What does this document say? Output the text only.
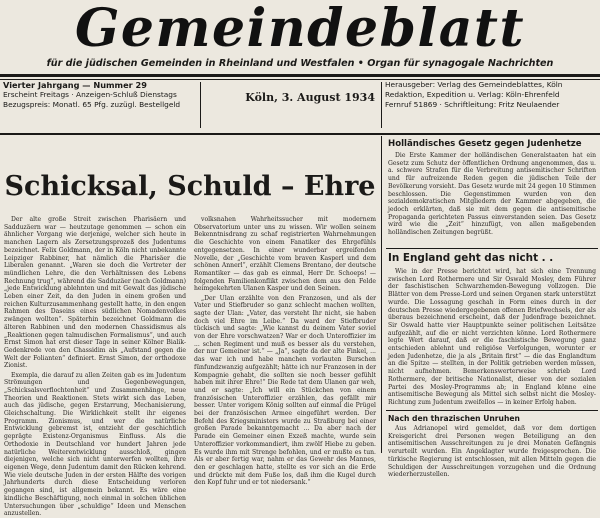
Gemeindeblatt
für die jüdischen Gemeinden in Rheinland und Westfalen • Organ für synagogale Nachrichten
Vierter Jahrgang — Nummer 29
Erscheint Freitags · Anzeigen-Schluß Dienstags
Bezugspreis: Monatl. 65 Pfg. zuzügl. Bestellgeld
Köln, 3. August 1934
Herausgeber: Verlag des Gemeindeblattes, Köln
Redaktion, Expedition u. Verlag: Köln-Ehrenfeld
Fernruf 51869 · Schriftleitung: Fritz Neulaender
Schicksal, Schuld – Ehre

Der alte große Streit zwischen Pharisäern und Sadduzäern war — heutzutage genommen — schon ein ähnlicher Vorgang wie derjenige, welcher sich heute in manchen Lagern als Zersetzungsprozeß des Judentums bezeichnet. Felix Goldmann, der in Köln nicht unbekannte Leipziger Rabbiner, hat nämlich die Pharisäer die Liberalen genannt. „Waren sie doch die Vertreter der mündlichen Lehre, die den Verhältnissen des Lebens Rechnung trug“, während die Sadduzäer (nach Goldmann) „jede Entwicklung ablehnten und mit Gewalt das jüdische Leben einer Zeit, da den Juden in einem großen und reichen Kulturzusammenhang gestellt hatte, in den engen Rahmen des Daseins eines südlichen Nomadenvolkes zwängen wollten“. Späterhin bezeichnet Goldmann die älteren Rabbinen und den modernen Chassidismus als „Reaktionen gegen talmudischen Formalismus“, und auch Ernst Simon hat erst dieser Tage in seiner Kölner Bialik-Gedenkrede von den Chassidim als „Aufstand gegen die Welt der Folianten“ definiert. Ernst Simon, der orthodoxe Zionist.

Exempla, die darauf zu allen Zeiten gab es im Judentum Strömungen und Gegenbewegungen, „Schicksalsverflochtenheit“ und Zusammenhänge, neue Theorien und Reaktionen. Stets wirkt sich das Leben, auch das jüdische, gegen Erstarrung, Mechanisierung, Gleichschaltung. Die Wirklichkeit stellt ihr eigenes Programm. Zionismus, und wer die natürliche Entwicklung gebremst ist, entzieht der geschichtlich geprägte Existenz-Organismus Einfluss. Als die Orthodoxie in Deutschland vor hundert Jahren jede natürliche Weiterentwicklung ausschloß, gingen diejenigen, welche sich nicht unterwerfen wollten, ihre eigenen Wege, denn Judentum damit den Rücken kehrend. Wie viele deutsche Juden in der ersten Hälfte des vorigen Jahrhunderts durch diese Entscheidung verloren gegangen sind, ist allgemein bekannt. Es wäre eine kindliche Beschäftigung, noch einmal in solchen üblichen Untersuchungen über „schuldige“ Ideen und Menschen anzustellen.

volksnahen Wahrheitssucher mit modernem Observatorium unter uns zu wissen. Wir wollen seinem Bekenntnisdrang zu schaf registrierten Wahrnehmungen die Geschichte von einem Fanatiker des Ehrgefühls entgegensetzen. In einer wunderbar ergreifenden Novelle, der „Geschichte vom braven Kasperl und dem schönen Annerl“, erzählt Clemens Brentano, der deutsche Romantiker — das gab es einmal, Herr Dr. Schoeps! — folgenden Familienkonflikt zwischen dem aus den Felde heimgekehrten Ulanen Kasper und den Seinen.

„Der Ulan erzählte von den Franzosen, und als der Vater und Stiefbruder so ganz schlecht machen wollten, sagte der Ulan: „Vater, das versteht Ihr nicht, sie haben doch viel Ehre im Leibe.“ Da ward der Stiefbruder tückisch und sagte: „Wie kannst du deinem Vater soviel von der Ehre vorschwatzen? War er doch Unteroffizier im ... schen Regiment und muß es besser als du verstehen, der nur Gemeiner ist.“ — „Ja“, sagte da der alte Finkel, ... das war ich und habe manchen vorlauten Burschen fünfundzwanzig aufgezählt; hätte ich nur Franzosen in der Kompagnie gehabt, die sollten sie noch besser gefühlt haben mit ihrer Ehre!“ Die Rede tat dem Ulanen gar weh, und er sagte: „Ich will ein Stückchen von einem französischen Unteroffizier erzählen, das gefällt mir besser. Unter vorigem König sollten auf einmal die Prügel bei der französischen Armee eingeführt werden. Der Befehl des Kriegsministers wurde zu Straßburg bei einer großen Parade bekanntgemacht ... Da aber nach der Parade ein Gemeiner einen Exzeß machte, wurde sein Unteroffizier vorkommandiert, ihm zwölf Hiebe zu geben. Es wurde ihm mit Strenge befohlen, und er mußte es tun. Als er aber fertig war, nahm er das Gewehr des Mannes, den er geschlagen hatte, stellte es vor sich an die Erde und drückte mit dem Fuße los, daß ihm die Kugel durch den Kopf fuhr und er tot niedersank.“

Holländisches Gesetz gegen Judenhetze

Die Erste Kammer der holländischen Generalstaaten hat ein Gesetz zum Schutz der öffentlichen Ordnung angenommen, das u. a. schwere Strafen für die Verbreitung antisemitischer Schriften und für aufreizende Reden gegen die jüdischen Teile der Bevölkerung vorsieht. Das Gesetz wurde mit 24 gegen 10 Stimmen beschlossen. Die Gegenstimmen wurden von den sozialdemokratischen Mitgliedern der Kammer abgegeben, die jedoch erklärten, daß sie mit dem gegen die antisemitische Propaganda gerichteten Passus einverstanden seien. Das Gesetz wird wie die „Zeit“ hinzufügt, von allen maßgebenden holländischen Zeitungen begrüßt.

In England geht das nicht . .

Wie in der Presse berichtet wird, hat sich eine Trennung zwischen Lord Rothermere und Sir Oswald Mosley, dem Führer der faschistischen Schwarzhemden-Bewegung vollzogen. Die Blätter von dem Presse-Lord und seinen Organen stark unterstützt wurde. Die Lossagung geschah in Form eines durch in der deutschen Presse wiedergegebenen offenen Briefwechsels, der als überaus bezeichnend erscheint, daß der Judenfrage bezeichnet. Sir Oswald hatte vier Hauptpunkte seiner politischen Leitsätze aufgezählt, auf die er nicht verzichten könne. Lord Rothermere legte Wert darauf, daß er die faschistische Bewegung ganz entschieden ablehnt und religiöse Verfolgungen, worunter er jeden Judenhetze, die ja als „Britain first“ — die das Englandtum an die Spitze — stellten, in der Politik getrieben werden müssen, nicht aufnehmen. Bemerkenswerterweise schrieb Lord Rothermere, der britische Nationalist, dieser von der sozialen Partei des Mosley-Programms ab; in England könne eine antisemitische Bewegung als Mittel sich selbst nicht die Mosley-Richtung zum Judentum zweifellos — in keiner Erfolg haben.

Nach den thrazischen Unruhen

Aus Adrianopel wird gemeldet, daß vor dem dortigen Kreisgericht drei Personen wegen Beteiligung an den antisemitischen Ausschreitungen zu je drei Monaten Gefängnis verurteilt wurden. Ein Angeklagter wurde freigesprochen. Die türkische Regierung ist entschlossen, mit allen Mitteln gegen die Schuldigen der Ausschreitungen vorzugehen und die Ordnung wiederherzustellen.
